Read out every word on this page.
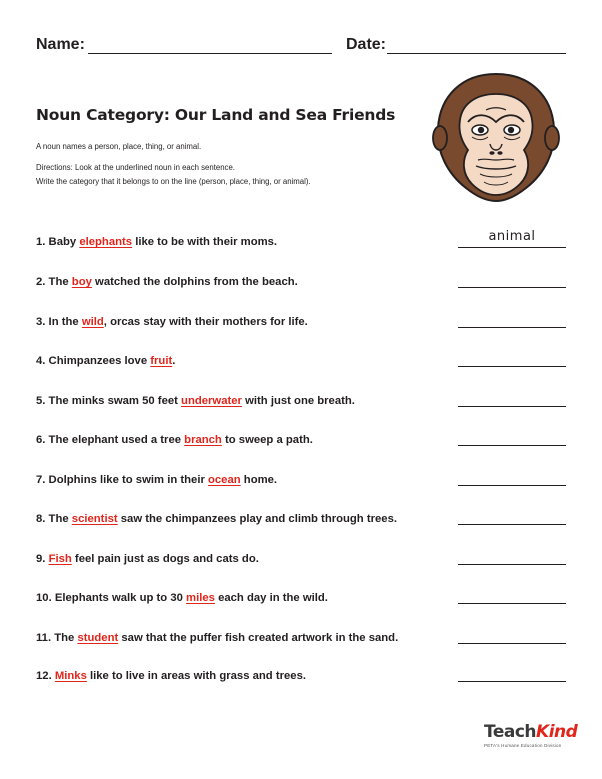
Name:	Date:
Noun Category: Our Land and Sea Friends
A noun names a person, place, thing, or animal.
Directions: Look at the underlined noun in each sentence.
Write the category that it belongs to on the line (person, place, thing, or animal).
1. Baby elephants like to be with their moms.	animal
2. The boy watched the dolphins from the beach.
3. In the wild, orcas stay with their mothers for life.
4. Chimpanzees love fruit.
5. The minks swam 50 feet underwater with just one breath.
6. The elephant used a tree branch to sweep a path.
7. Dolphins like to swim in their ocean home.
8. The scientist saw the chimpanzees play and climb through trees.
9. Fish feel pain just as dogs and cats do.
10. Elephants walk up to 30 miles each day in the wild.
11. The student saw that the puffer fish created artwork in the sand.
12. Minks like to live in areas with grass and trees.
TeachKind
PETA's Humane Education Division
